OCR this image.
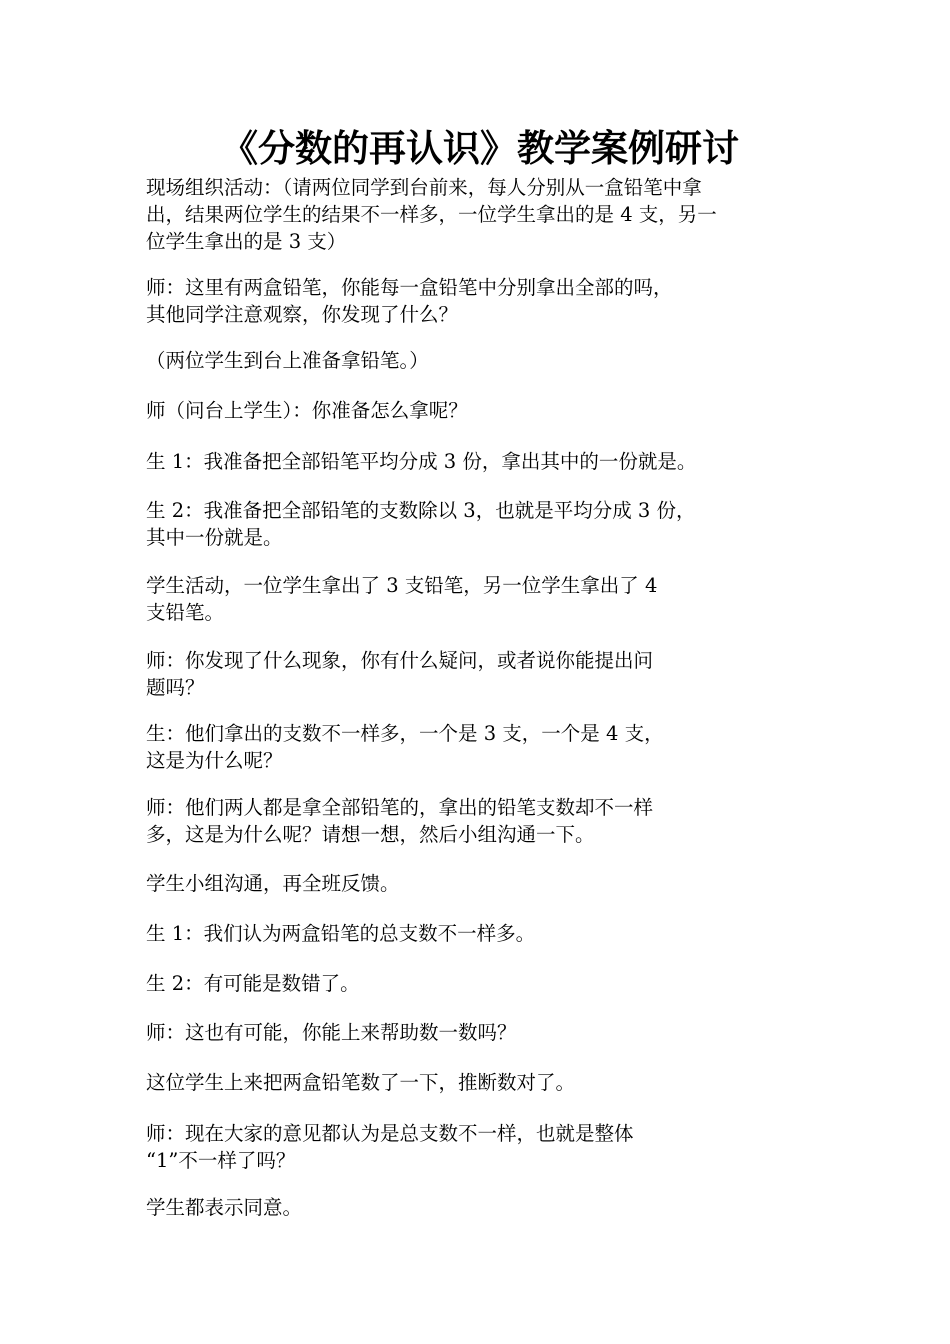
《分数的再认识》教学案例研讨
现场组织活动：（请两位同学到台前来，每人分别从一盒铅笔中拿
出，结果两位学生的结果不一样多，一位学生拿出的是 4 支，另一
位学生拿出的是 3 支）
师：这里有两盒铅笔，你能每一盒铅笔中分别拿出全部的吗，
其他同学注意观察，你发现了什么？
（两位学生到台上准备拿铅笔。）
师（问台上学生）：你准备怎么拿呢？
生 1：我准备把全部铅笔平均分成 3 份，拿出其中的一份就是。
生 2：我准备把全部铅笔的支数除以 3，也就是平均分成 3 份，
其中一份就是。
学生活动，一位学生拿出了 3 支铅笔，另一位学生拿出了 4
支铅笔。
师：你发现了什么现象，你有什么疑问，或者说你能提出问
题吗？
生：他们拿出的支数不一样多，一个是 3 支，一个是 4 支，
这是为什么呢？
师：他们两人都是拿全部铅笔的，拿出的铅笔支数却不一样
多，这是为什么呢？请想一想，然后小组沟通一下。
学生小组沟通，再全班反馈。
生 1：我们认为两盒铅笔的总支数不一样多。
生 2：有可能是数错了。
师：这也有可能，你能上来帮助数一数吗？
这位学生上来把两盒铅笔数了一下，推断数对了。
师：现在大家的意见都认为是总支数不一样，也就是整体
“1”不一样了吗？
学生都表示同意。
